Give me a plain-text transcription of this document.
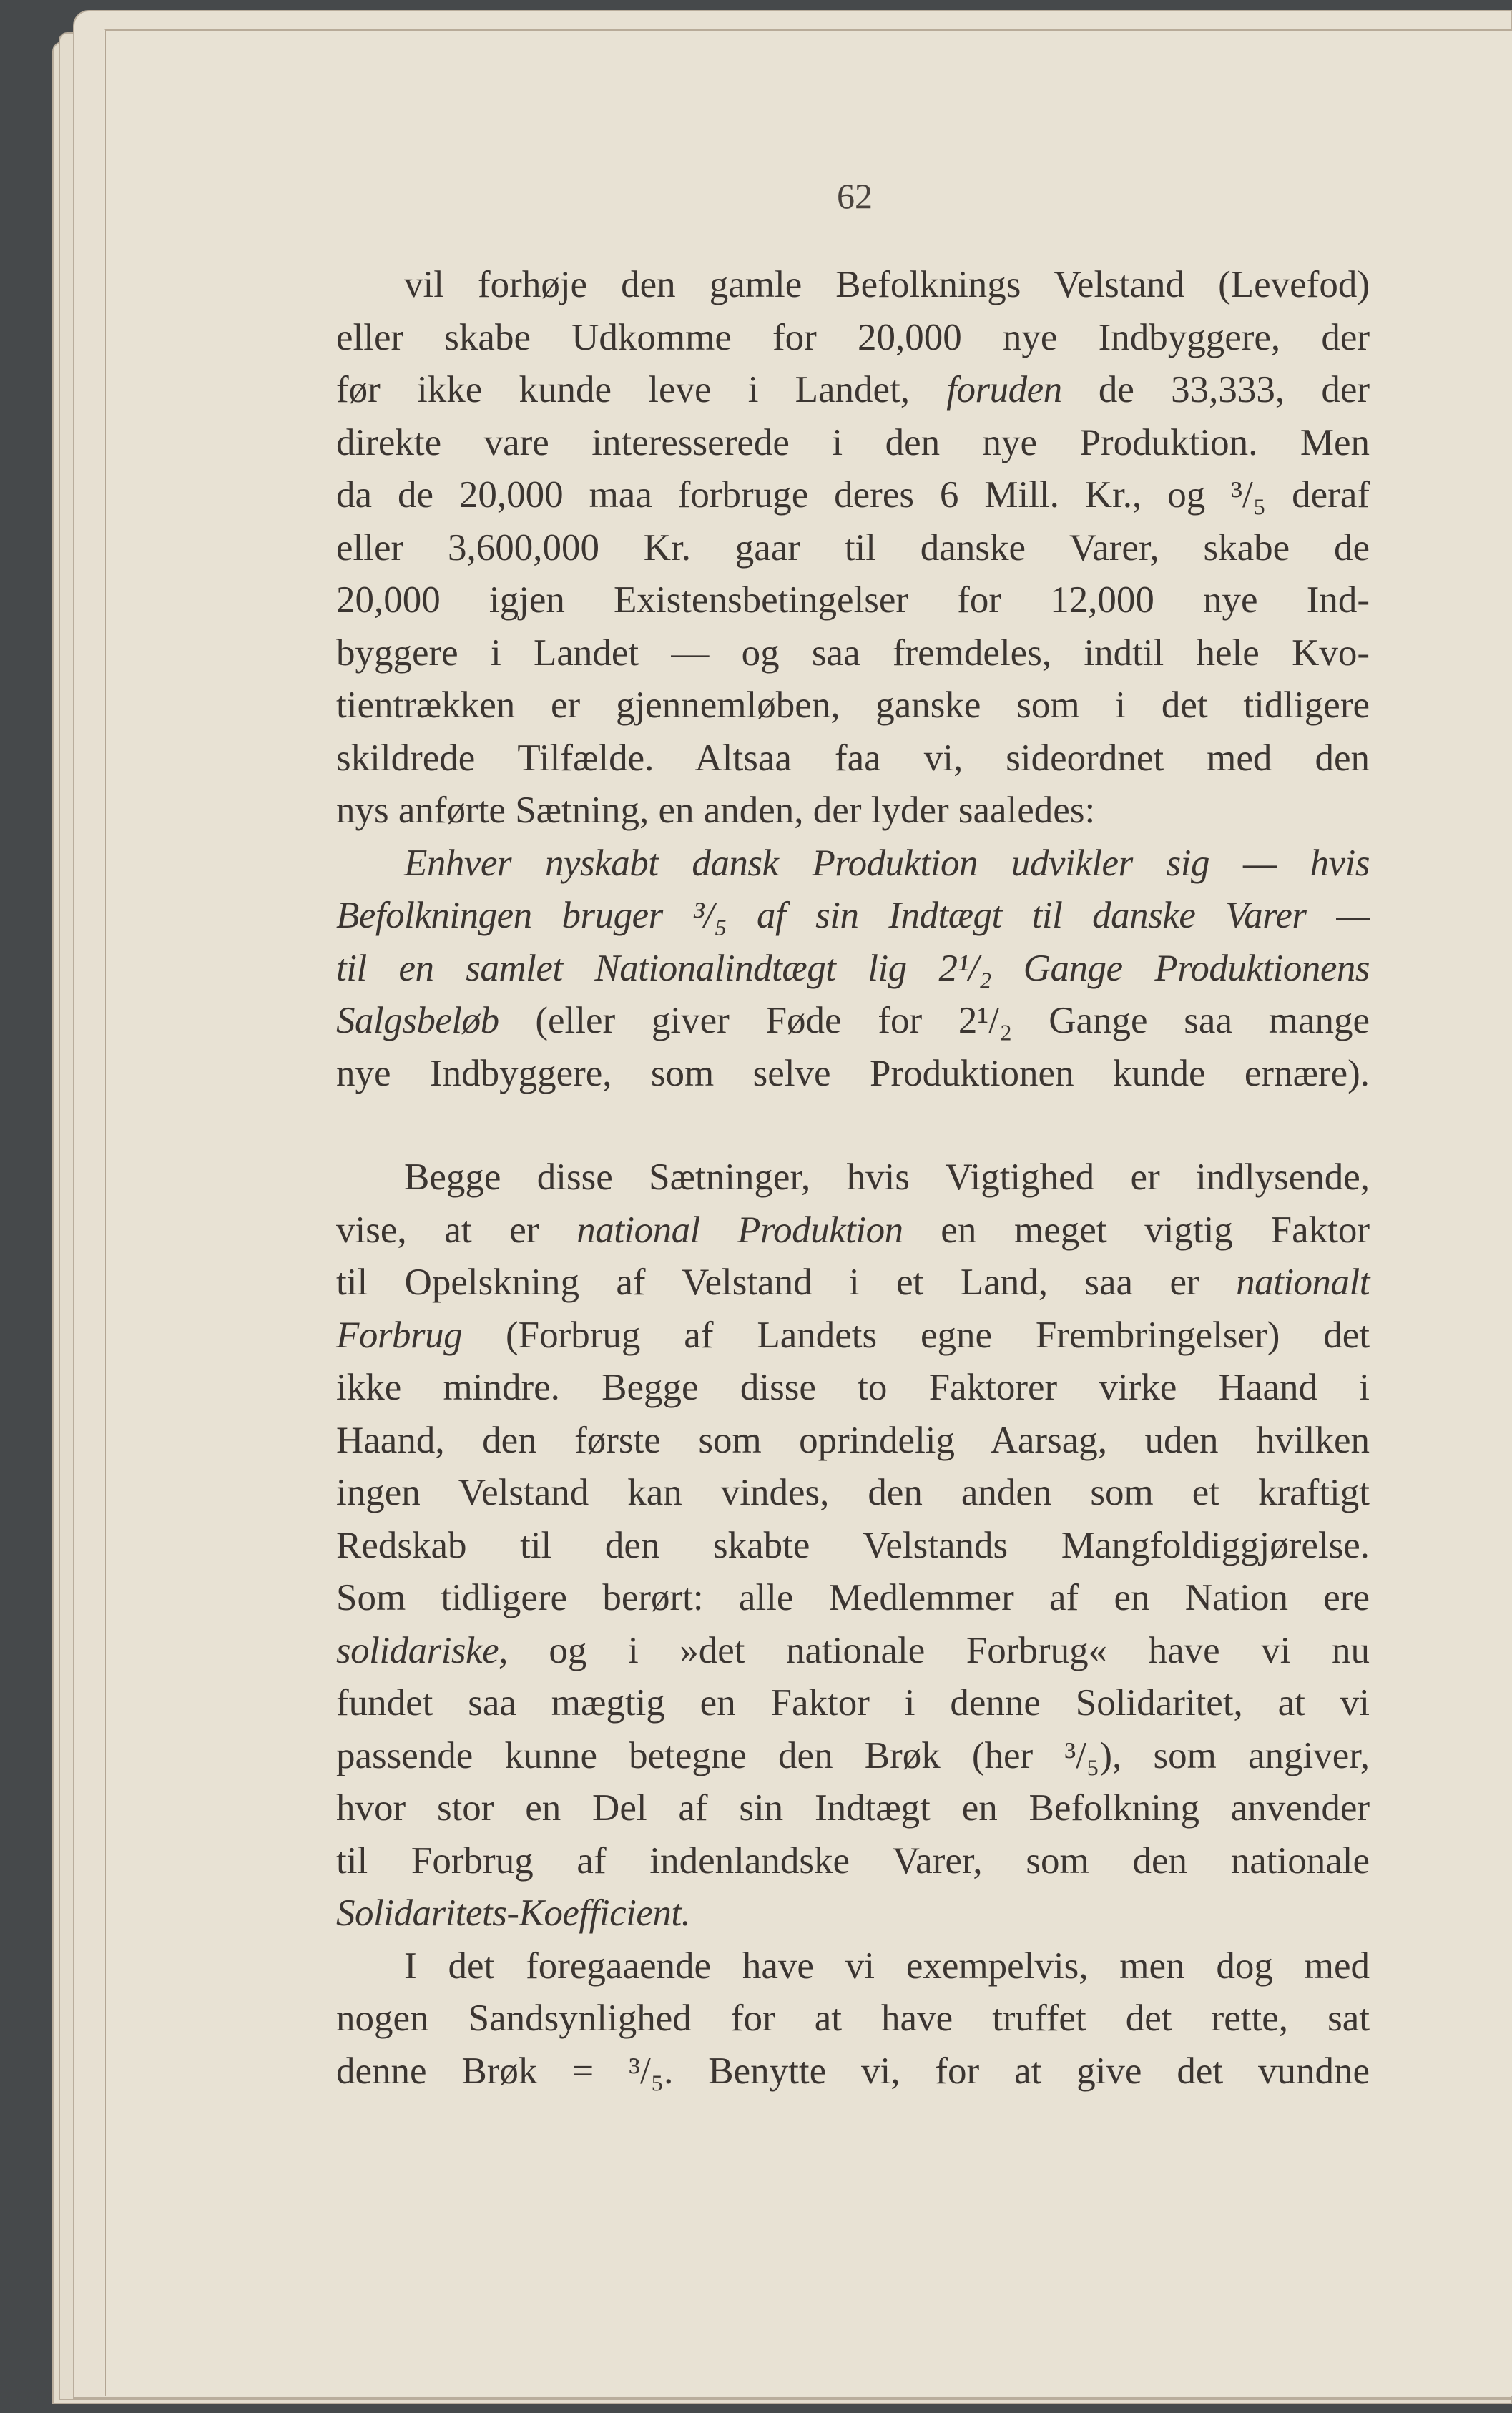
62
vil forhøje den gamle Befolknings Velstand (Levefod)
eller skabe Udkomme for 20,000 nye Indbyggere, der
før ikke kunde leve i Landet, foruden de 33,333, der
direkte vare interesserede i den nye Produktion. Men
da de 20,000 maa forbruge deres 6 Mill. Kr., og ³/₅ deraf
eller 3,600,000 Kr. gaar til danske Varer, skabe de
20,000 igjen Existensbetingelser for 12,000 nye Ind-
byggere i Landet — og saa fremdeles, indtil hele Kvo-
tientrækken er gjennemløben, ganske som i det tidligere
skildrede Tilfælde. Altsaa faa vi, sideordnet med den
nys anførte Sætning, en anden, der lyder saaledes:
Enhver nyskabt dansk Produktion udvikler sig — hvis
Befolkningen bruger ³/₅ af sin Indtægt til danske Varer —
til en samlet Nationalindtægt lig 2¹/₂ Gange Produktionens
Salgsbeløb (eller giver Føde for 2¹/₂ Gange saa mange
nye Indbyggere, som selve Produktionen kunde ernære).
Begge disse Sætninger, hvis Vigtighed er indlysende,
vise, at er national Produktion en meget vigtig Faktor
til Opelskning af Velstand i et Land, saa er nationalt
Forbrug (Forbrug af Landets egne Frembringelser) det
ikke mindre. Begge disse to Faktorer virke Haand i
Haand, den første som oprindelig Aarsag, uden hvilken
ingen Velstand kan vindes, den anden som et kraftigt
Redskab til den skabte Velstands Mangfoldiggjørelse.
Som tidligere berørt: alle Medlemmer af en Nation ere
solidariske, og i »det nationale Forbrug« have vi nu
fundet saa mægtig en Faktor i denne Solidaritet, at vi
passende kunne betegne den Brøk (her ³/₅), som angiver,
hvor stor en Del af sin Indtægt en Befolkning anvender
til Forbrug af indenlandske Varer, som den nationale
Solidaritets-Koefficient.
I det foregaaende have vi exempelvis, men dog med
nogen Sandsynlighed for at have truffet det rette, sat
denne Brøk = ³/₅. Benytte vi, for at give det vundne
